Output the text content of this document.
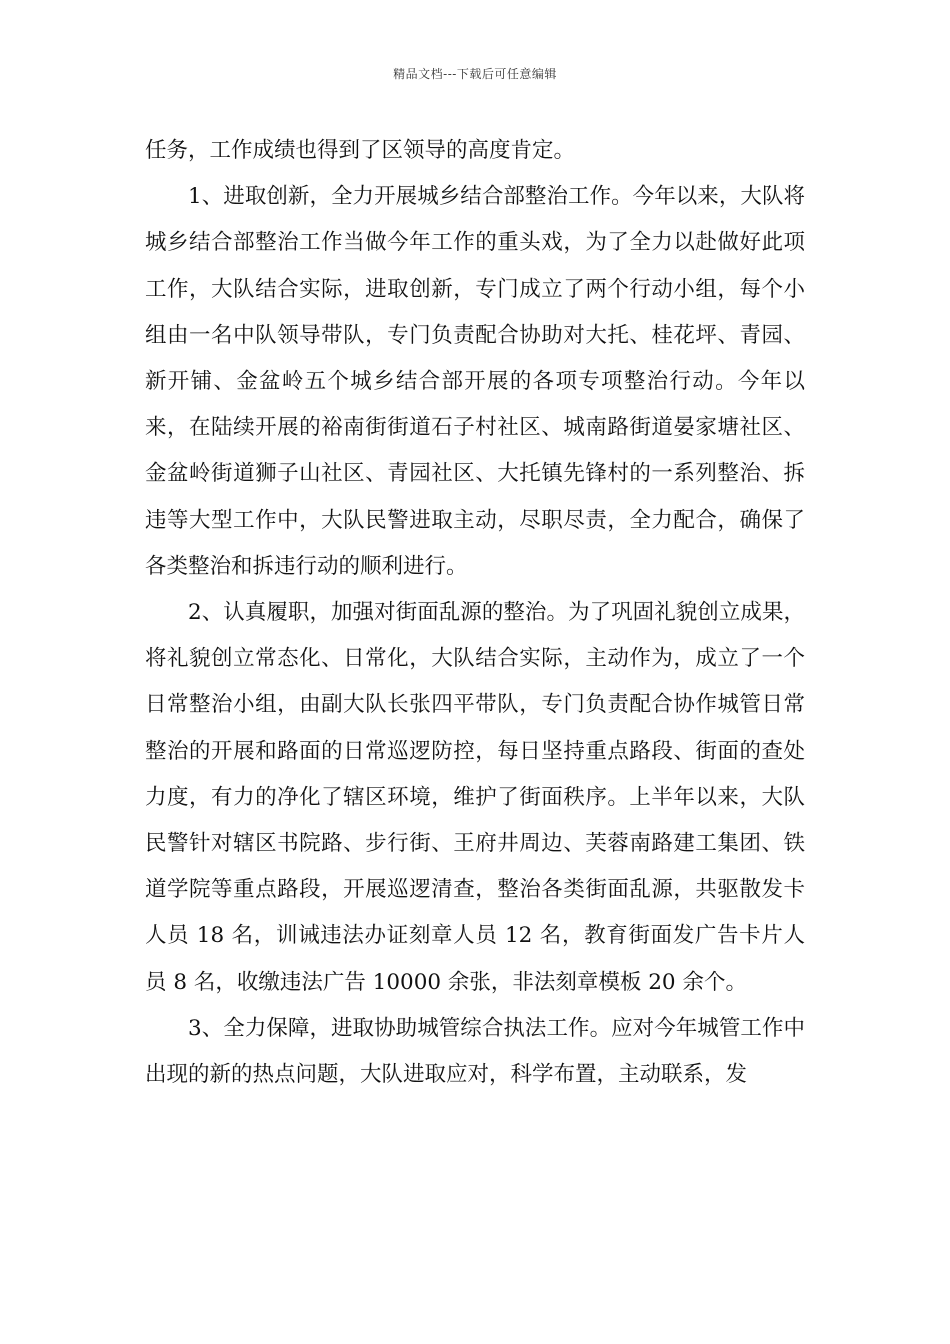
精品文档---下载后可任意编辑

任务，工作成绩也得到了区领导的高度肯定。

1、进取创新，全力开展城乡结合部整治工作。今年以来，大队将城乡结合部整治工作当做今年工作的重头戏，为了全力以赴做好此项工作，大队结合实际，进取创新，专门成立了两个行动小组，每个小组由一名中队领导带队，专门负责配合协助对大托、桂花坪、青园、新开铺、金盆岭五个城乡结合部开展的各项专项整治行动。今年以来，在陆续开展的裕南街街道石子村社区、城南路街道晏家塘社区、金盆岭街道狮子山社区、青园社区、大托镇先锋村的一系列整治、拆违等大型工作中，大队民警进取主动，尽职尽责，全力配合，确保了各类整治和拆违行动的顺利进行。

2、认真履职，加强对街面乱源的整治。为了巩固礼貌创立成果，将礼貌创立常态化、日常化，大队结合实际，主动作为，成立了一个日常整治小组，由副大队长张四平带队，专门负责配合协作城管日常整治的开展和路面的日常巡逻防控，每日坚持重点路段、街面的查处力度，有力的净化了辖区环境，维护了街面秩序。上半年以来，大队民警针对辖区书院路、步行街、王府井周边、芙蓉南路建工集团、铁道学院等重点路段，开展巡逻清查，整治各类街面乱源，共驱散发卡人员 18 名，训诫违法办证刻章人员 12 名，教育街面发广告卡片人员 8 名，收缴违法广告 10000 余张，非法刻章模板 20 余个。

3、全力保障，进取协助城管综合执法工作。应对今年城管工作中出现的新的热点问题，大队进取应对，科学布置，主动联系，发
